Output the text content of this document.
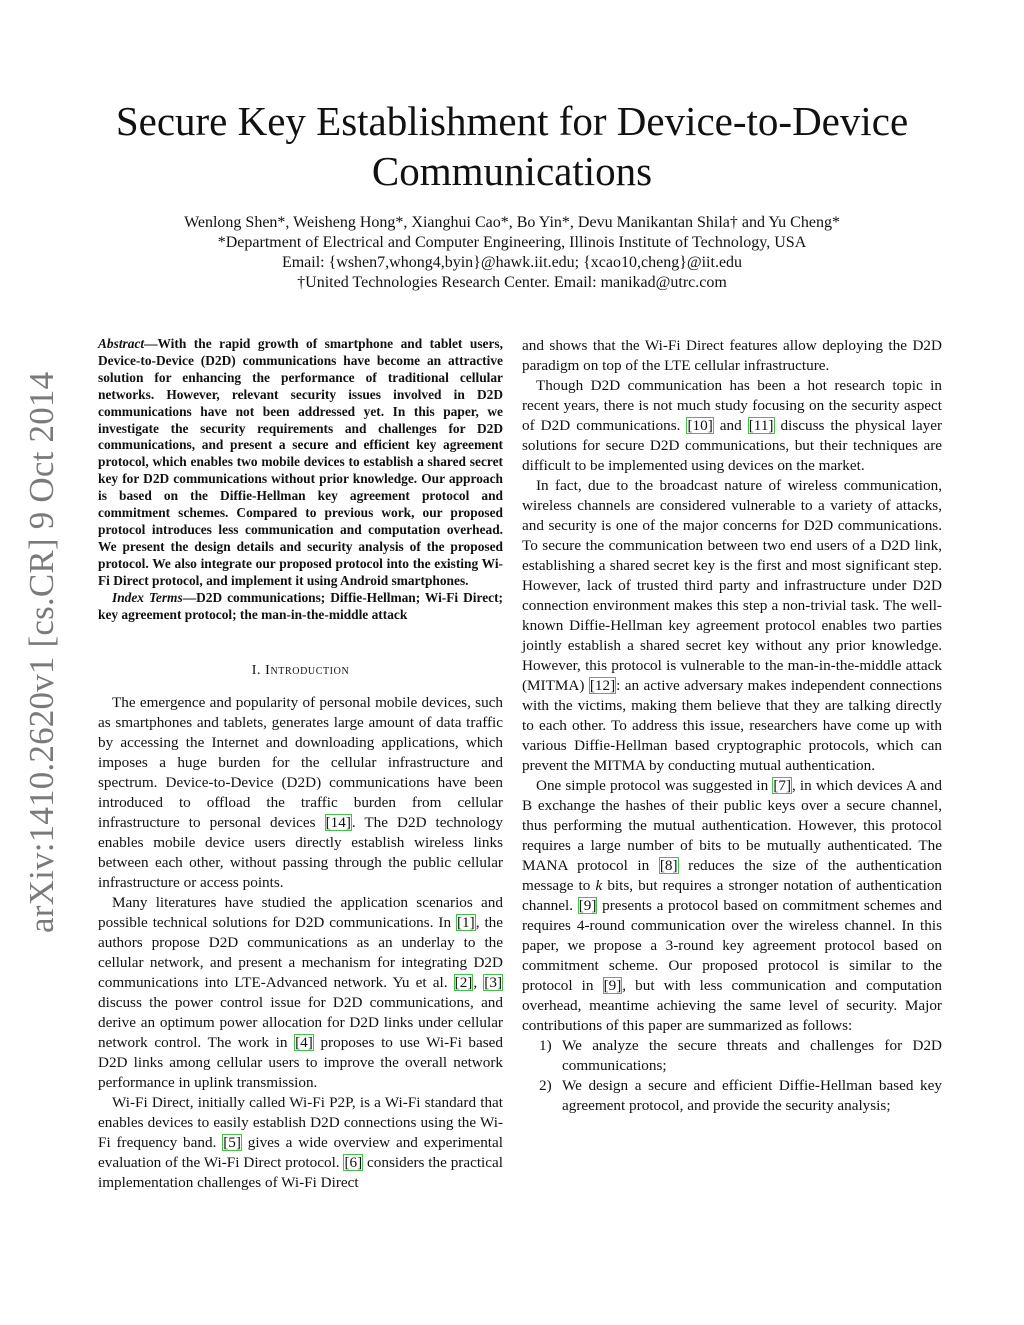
arXiv:1410.2620v1 [cs.CR] 9 Oct 2014
Secure Key Establishment for Device-to-Device
Communications
Wenlong Shen*, Weisheng Hong*, Xianghui Cao*, Bo Yin*, Devu Manikantan Shila† and Yu Cheng*
*Department of Electrical and Computer Engineering, Illinois Institute of Technology, USA
Email: {wshen7,whong4,byin}@hawk.iit.edu; {xcao10,cheng}@iit.edu
†United Technologies Research Center. Email: manikad@utrc.com

Abstract—With the rapid growth of smartphone and tablet users, Device-to-Device (D2D) communications have become an attractive solution for enhancing the performance of traditional cellular networks. However, relevant security issues involved in D2D communications have not been addressed yet. In this paper, we investigate the security requirements and challenges for D2D communications, and present a secure and efficient key agreement protocol, which enables two mobile devices to establish a shared secret key for D2D communications without prior knowledge. Our approach is based on the Diffie-Hellman key agreement protocol and commitment schemes. Compared to previous work, our proposed protocol introduces less communication and computation overhead. We present the design details and security analysis of the proposed protocol. We also integrate our proposed protocol into the existing Wi-Fi Direct protocol, and implement it using Android smartphones.

Index Terms—D2D communications; Diffie-Hellman; Wi-Fi Direct; key agreement protocol; the man-in-the-middle attack

I. Introduction

The emergence and popularity of personal mobile devices, such as smartphones and tablets, generates large amount of data traffic by accessing the Internet and downloading applications, which imposes a huge burden for the cellular infrastructure and spectrum. Device-to-Device (D2D) communications have been introduced to offload the traffic burden from cellular infrastructure to personal devices [14]. The D2D technology enables mobile device users directly establish wireless links between each other, without passing through the public cellular infrastructure or access points.

Many literatures have studied the application scenarios and possible technical solutions for D2D communications. In [1], the authors propose D2D communications as an underlay to the cellular network, and present a mechanism for integrating D2D communications into LTE-Advanced network. Yu et al. [2], [3] discuss the power control issue for D2D communications, and derive an optimum power allocation for D2D links under cellular network control. The work in [4] proposes to use Wi-Fi based D2D links among cellular users to improve the overall network performance in uplink transmission.

Wi-Fi Direct, initially called Wi-Fi P2P, is a Wi-Fi standard that enables devices to easily establish D2D connections using the Wi-Fi frequency band. [5] gives a wide overview and experimental evaluation of the Wi-Fi Direct protocol. [6] considers the practical implementation challenges of Wi-Fi Direct

and shows that the Wi-Fi Direct features allow deploying the D2D paradigm on top of the LTE cellular infrastructure.

Though D2D communication has been a hot research topic in recent years, there is not much study focusing on the security aspect of D2D communications. [10] and [11] discuss the physical layer solutions for secure D2D communications, but their techniques are difficult to be implemented using devices on the market.

In fact, due to the broadcast nature of wireless communication, wireless channels are considered vulnerable to a variety of attacks, and security is one of the major concerns for D2D communications. To secure the communication between two end users of a D2D link, establishing a shared secret key is the first and most significant step. However, lack of trusted third party and infrastructure under D2D connection environment makes this step a non-trivial task. The well-known Diffie-Hellman key agreement protocol enables two parties jointly establish a shared secret key without any prior knowledge. However, this protocol is vulnerable to the man-in-the-middle attack (MITMA) [12]: an active adversary makes independent connections with the victims, making them believe that they are talking directly to each other. To address this issue, researchers have come up with various Diffie-Hellman based cryptographic protocols, which can prevent the MITMA by conducting mutual authentication.

One simple protocol was suggested in [7], in which devices A and B exchange the hashes of their public keys over a secure channel, thus performing the mutual authentication. However, this protocol requires a large number of bits to be mutually authenticated. The MANA protocol in [8] reduces the size of the authentication message to k bits, but requires a stronger notation of authentication channel. [9] presents a protocol based on commitment schemes and requires 4-round communication over the wireless channel. In this paper, we propose a 3-round key agreement protocol based on commitment scheme. Our proposed protocol is similar to the protocol in [9], but with less communication and computation overhead, meantime achieving the same level of security. Major contributions of this paper are summarized as follows:

1) We analyze the secure threats and challenges for D2D communications;
2) We design a secure and efficient Diffie-Hellman based key agreement protocol, and provide the security analysis;
